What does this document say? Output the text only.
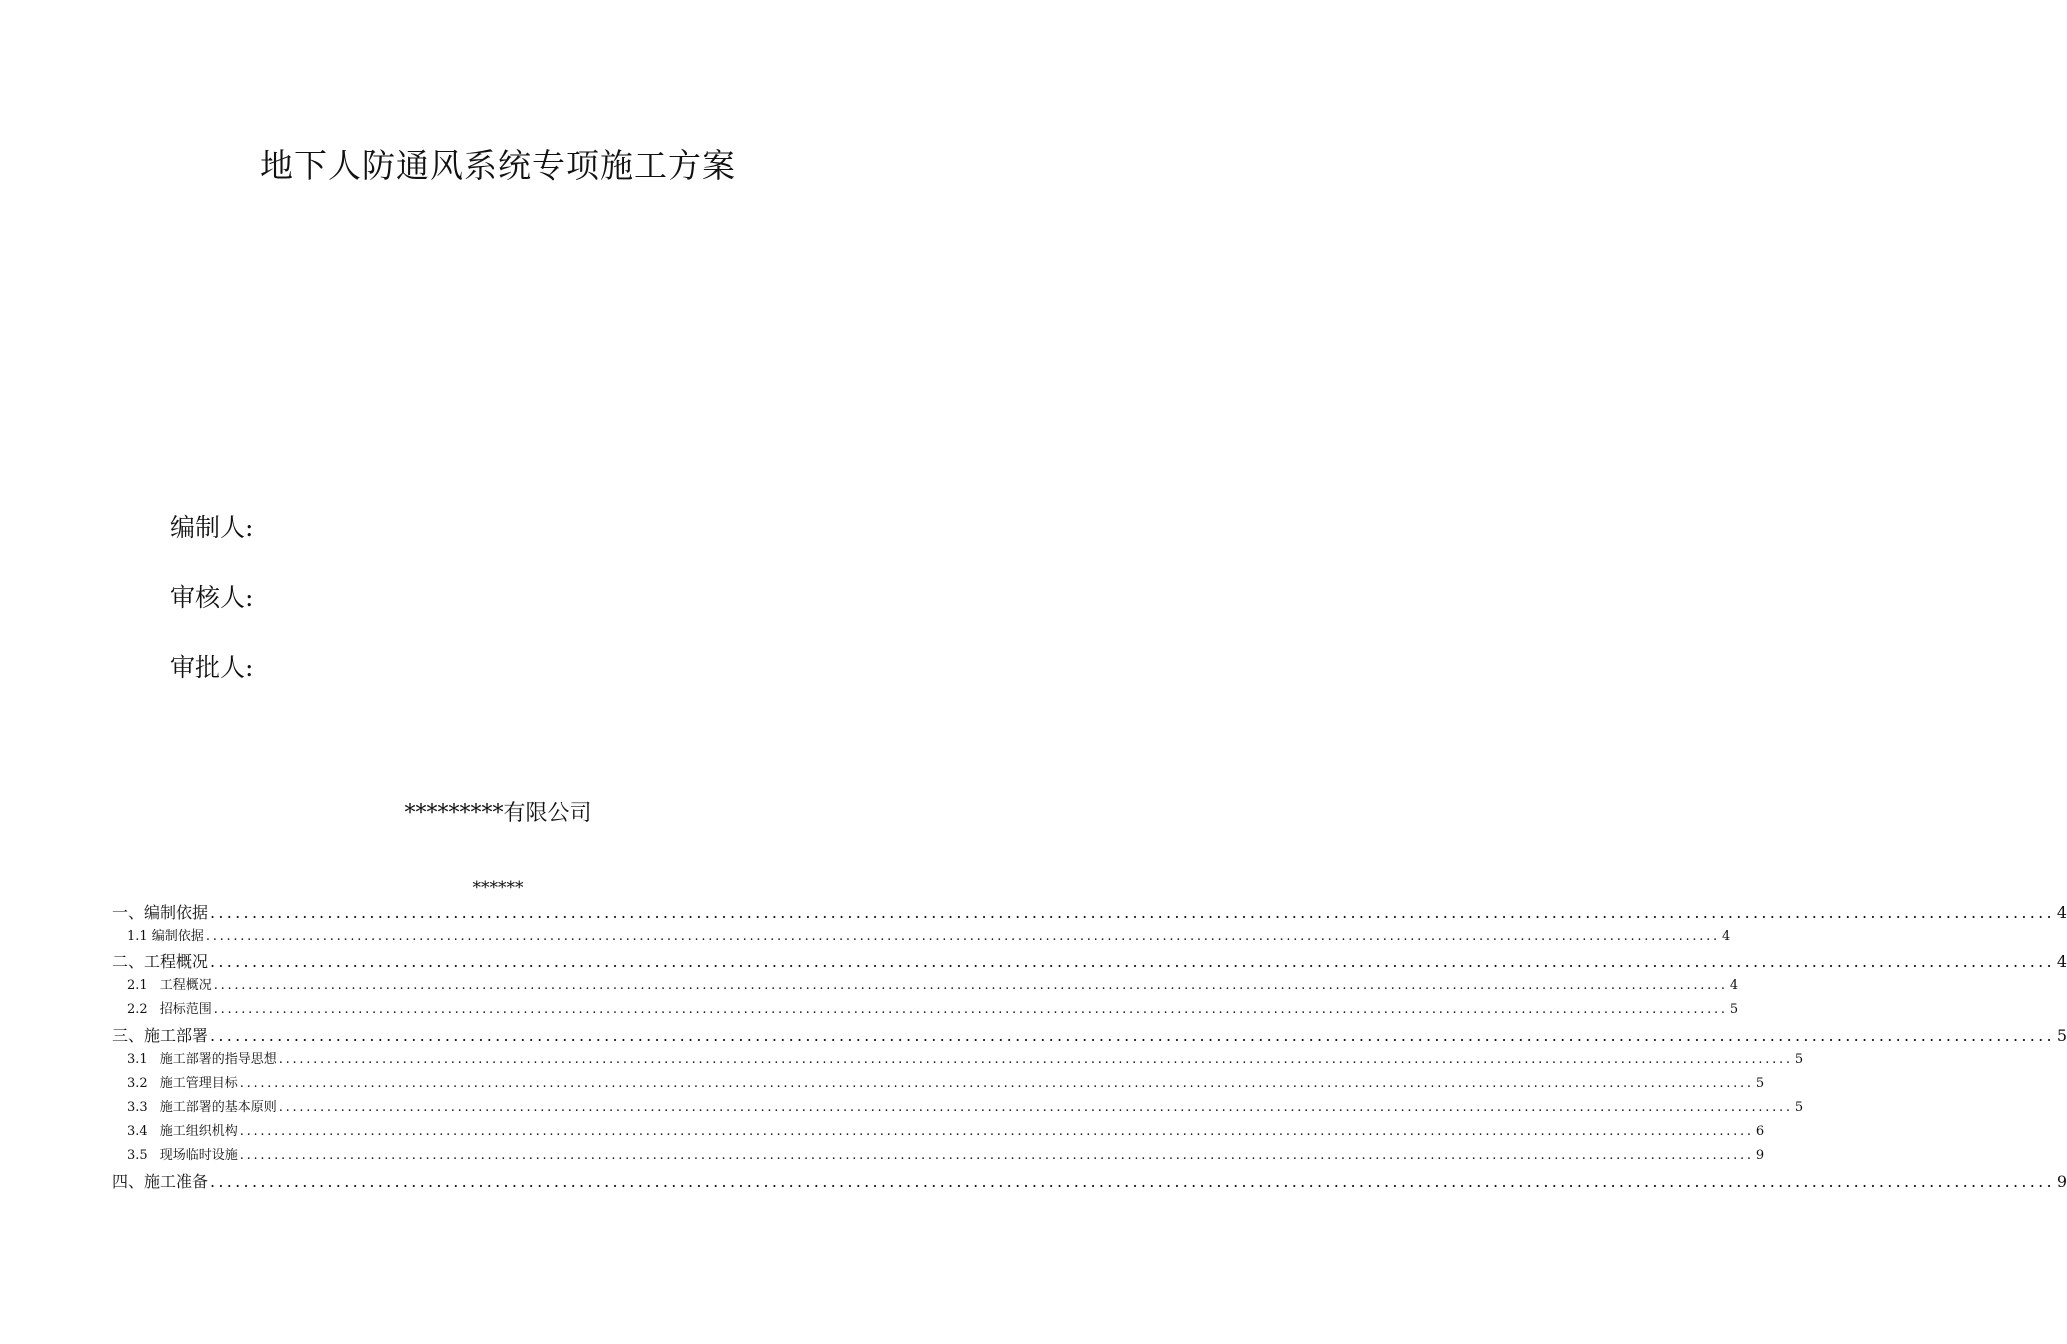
地下人防通风系统专项施工方案
编制人:
审核人:
审批人:
*********有限公司
******
一、编制依据 ............................................................................................................................................................................................................................ 4
1.1 编制依据 ............................................................................................................................................................................................................................ 4
二、工程概况 ............................................................................................................................................................................................................................ 4
2.1 工程概况 ............................................................................................................................................................................................................................ 4
2.2 招标范围 ............................................................................................................................................................................................................................ 5
三、施工部署 ............................................................................................................................................................................................................................ 5
3.1 施工部署的指导思想 ............................................................................................................................................................................................................................ 5
3.2 施工管理目标 ............................................................................................................................................................................................................................ 5
3.3 施工部署的基本原则 ............................................................................................................................................................................................................................ 5
3.4 施工组织机构 ............................................................................................................................................................................................................................ 6
3.5 现场临时设施 ............................................................................................................................................................................................................................ 9
四、施工准备 ............................................................................................................................................................................................................................ 9
